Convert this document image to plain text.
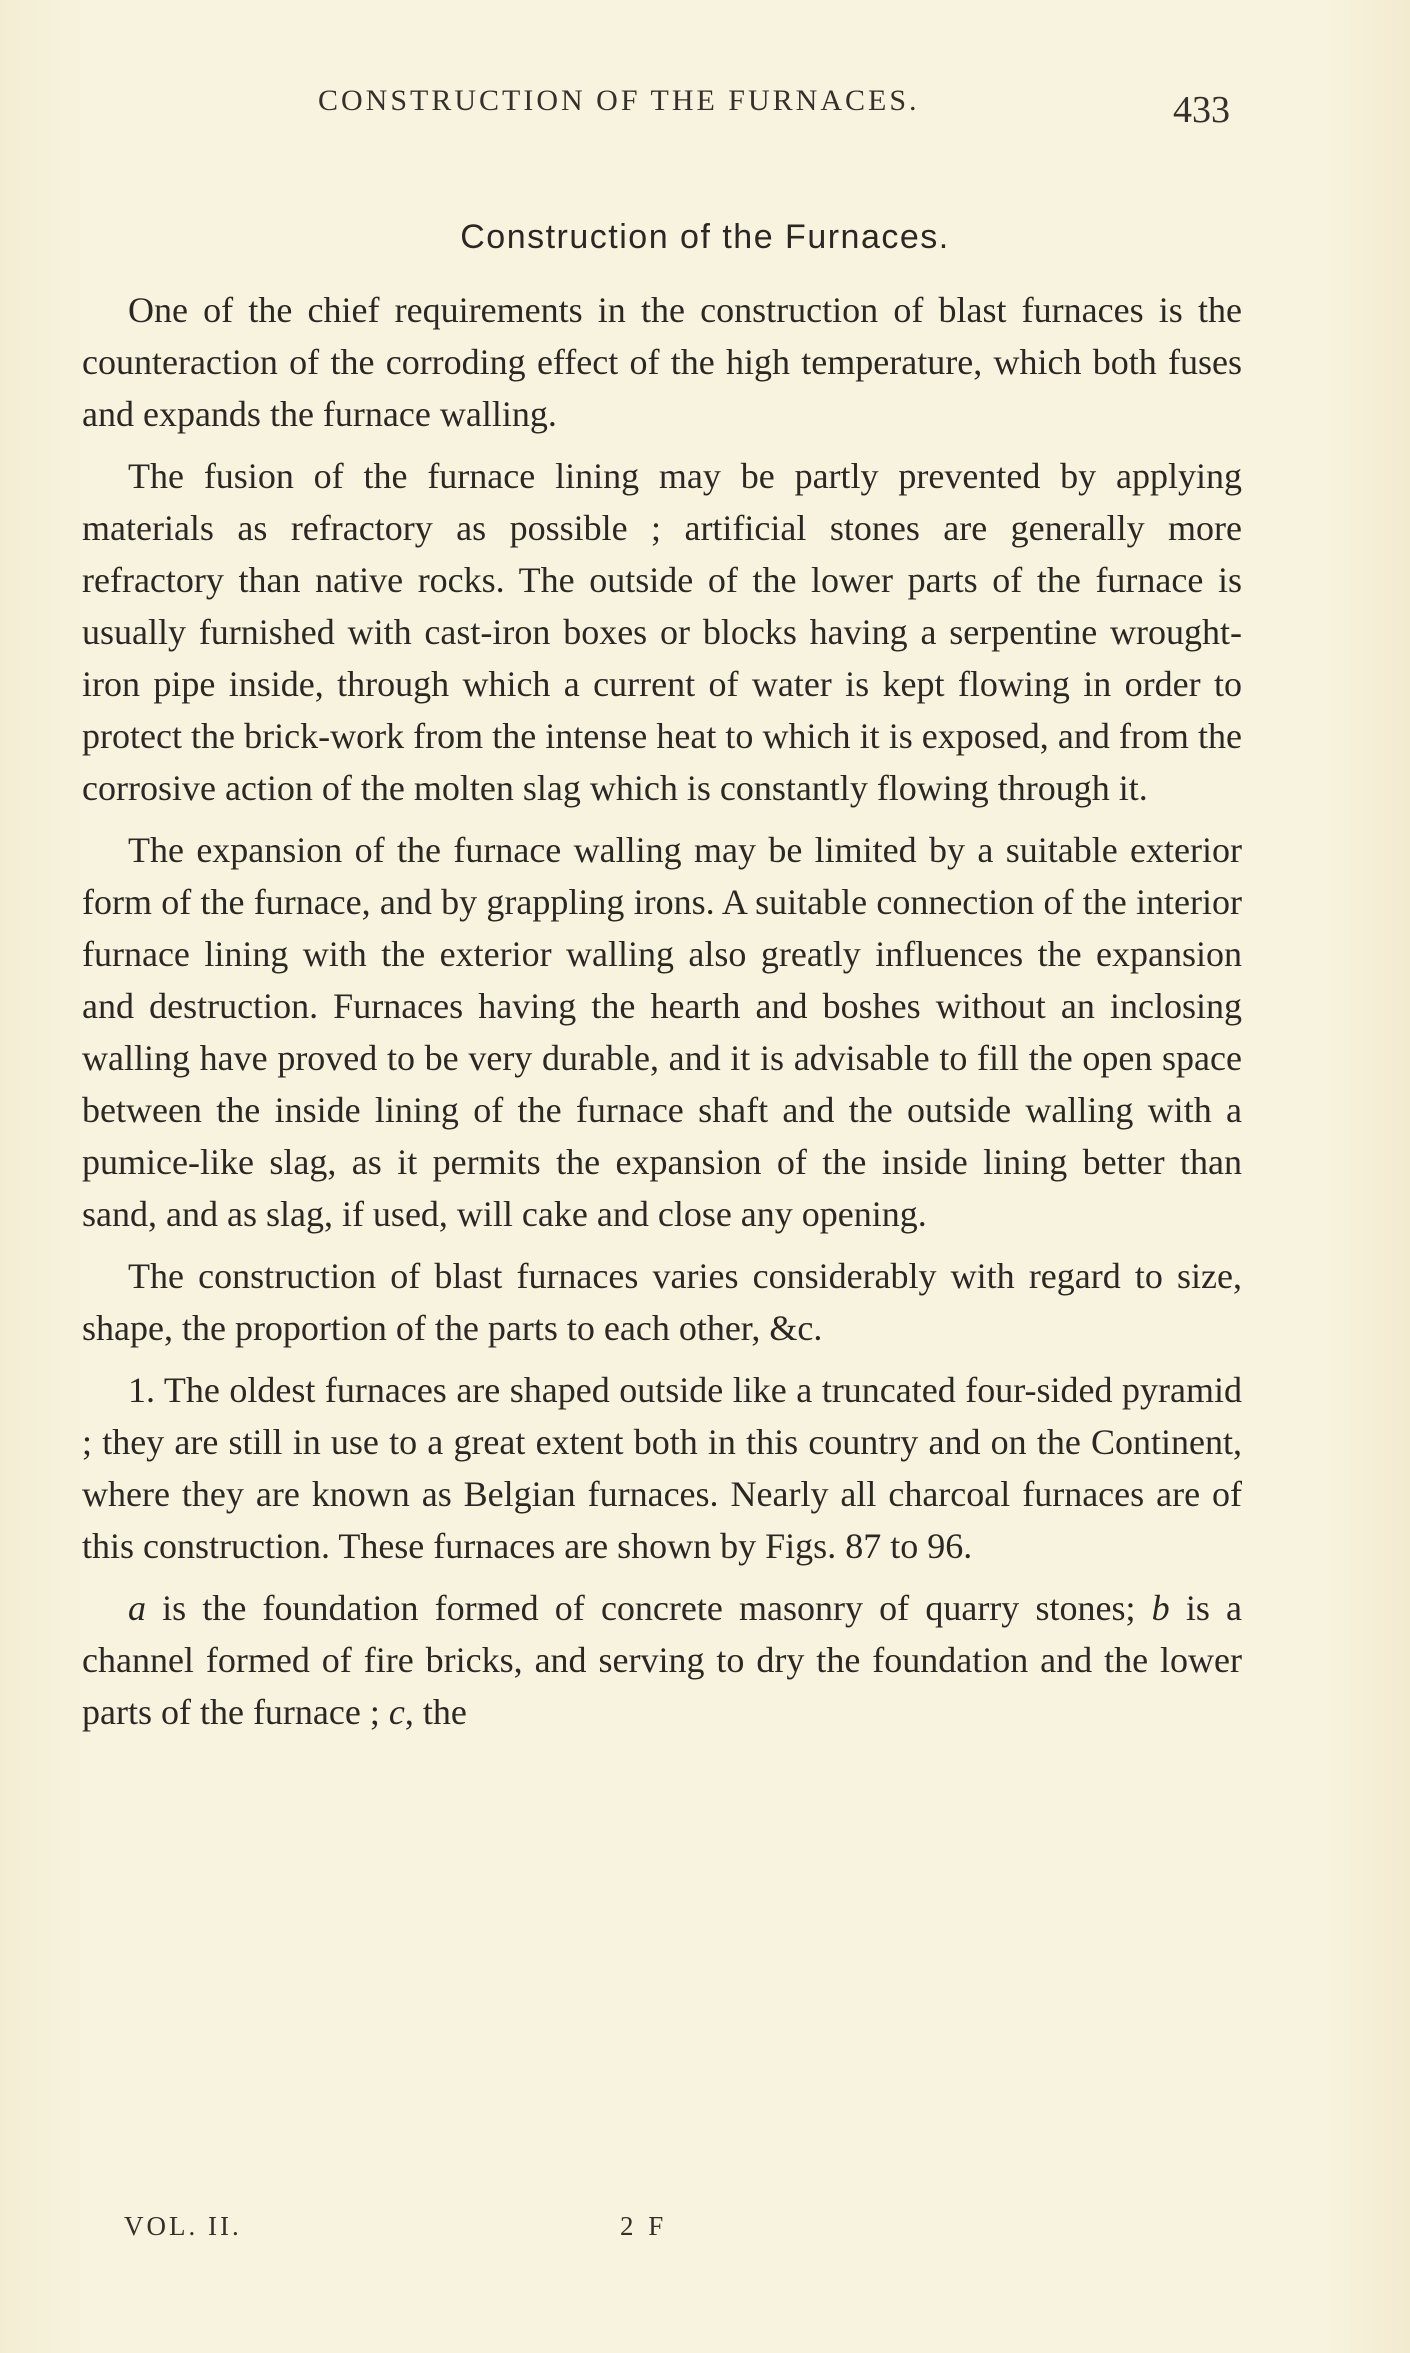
CONSTRUCTION OF THE FURNACES.	433
Construction of the Furnaces.

One of the chief requirements in the construction of blast furnaces is the counteraction of the corroding effect of the high temperature, which both fuses and expands the furnace walling.

The fusion of the furnace lining may be partly prevented by applying materials as refractory as possible ; artificial stones are generally more refractory than native rocks. The outside of the lower parts of the furnace is usually furnished with cast-iron boxes or blocks having a serpentine wrought-iron pipe inside, through which a current of water is kept flowing in order to protect the brick-work from the intense heat to which it is exposed, and from the corrosive action of the molten slag which is constantly flowing through it.

The expansion of the furnace walling may be limited by a suitable exterior form of the furnace, and by grappling irons. A suitable connection of the interior furnace lining with the exterior walling also greatly influences the expansion and destruction. Furnaces having the hearth and boshes without an inclosing walling have proved to be very durable, and it is advisable to fill the open space between the inside lining of the furnace shaft and the outside walling with a pumice-like slag, as it permits the expansion of the inside lining better than sand, and as slag, if used, will cake and close any opening.

The construction of blast furnaces varies considerably with regard to size, shape, the proportion of the parts to each other, &c.

1. The oldest furnaces are shaped outside like a truncated four-sided pyramid ; they are still in use to a great extent both in this country and on the Continent, where they are known as Belgian furnaces. Nearly all charcoal furnaces are of this construction. These furnaces are shown by Figs. 87 to 96.

a is the foundation formed of concrete masonry of quarry stones; b is a channel formed of fire bricks, and serving to dry the foundation and the lower parts of the furnace ; c, the

VOL. II.	2 F
